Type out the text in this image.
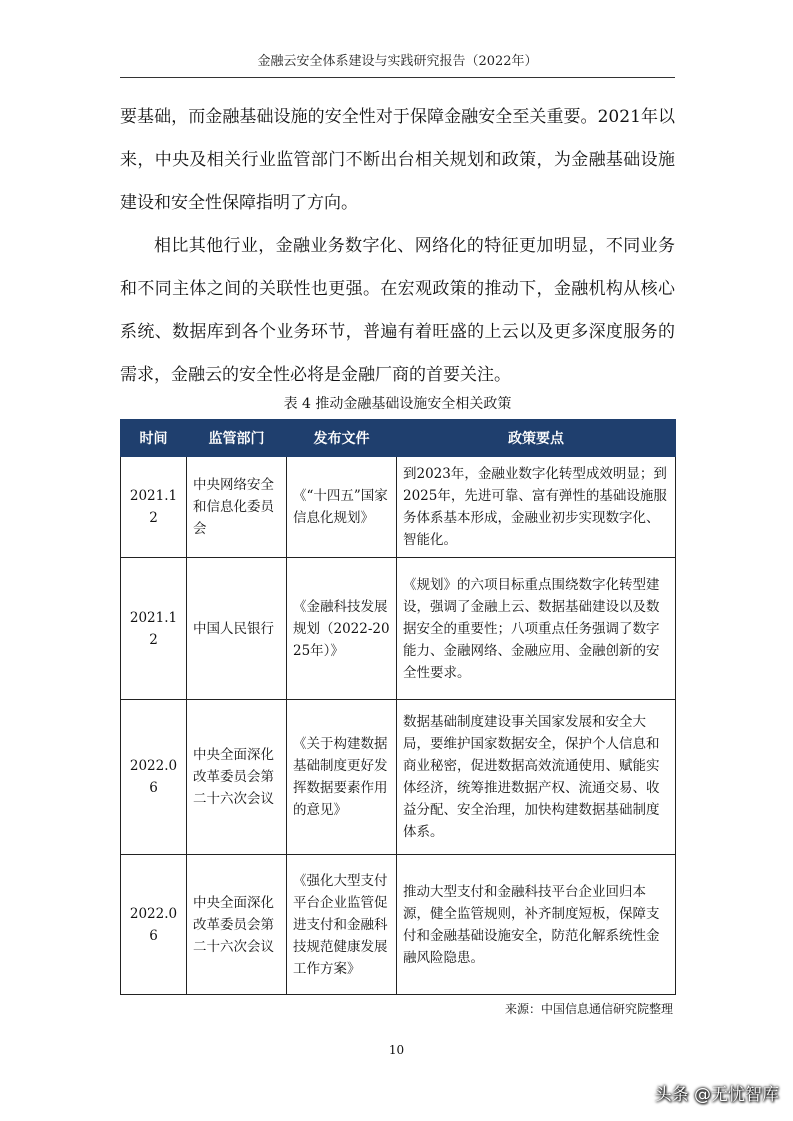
金融云安全体系建设与实践研究报告（2022年）

要基础，而金融基础设施的安全性对于保障金融安全至关重要。2021年以来，中央及相关行业监管部门不断出台相关规划和政策，为金融基础设施建设和安全性保障指明了方向。

相比其他行业，金融业务数字化、网络化的特征更加明显，不同业务和不同主体之间的关联性也更强。在宏观政策的推动下，金融机构从核心系统、数据库到各个业务环节，普遍有着旺盛的上云以及更多深度服务的需求，金融云的安全性必将是金融厂商的首要关注。

表 4 推动金融基础设施安全相关政策
时间	监管部门	发布文件	政策要点
2021.12	中央网络安全和信息化委员会	《“十四五”国家信息化规划》	到2023年，金融业数字化转型成效明显；到2025年，先进可靠、富有弹性的基础设施服务体系基本形成，金融业初步实现数字化、智能化。
2021.12	中国人民银行	《金融科技发展规划（2022-2025年）》	《规划》的六项目标重点围绕数字化转型建设，强调了金融上云、数据基础建设以及数据安全的重要性；八项重点任务强调了数字能力、金融网络、金融应用、金融创新的安全性要求。
2022.06	中央全面深化改革委员会第二十六次会议	《关于构建数据基础制度更好发挥数据要素作用的意见》	数据基础制度建设事关国家发展和安全大局，要维护国家数据安全，保护个人信息和商业秘密，促进数据高效流通使用、赋能实体经济，统筹推进数据产权、流通交易、收益分配、安全治理，加快构建数据基础制度体系。
2022.06	中央全面深化改革委员会第二十六次会议	《强化大型支付平台企业监管促进支付和金融科技规范健康发展工作方案》	推动大型支付和金融科技平台企业回归本源，健全监管规则，补齐制度短板，保障支付和金融基础设施安全，防范化解系统性金融风险隐患。
来源：中国信息通信研究院整理
10
头条 @无忧智库
